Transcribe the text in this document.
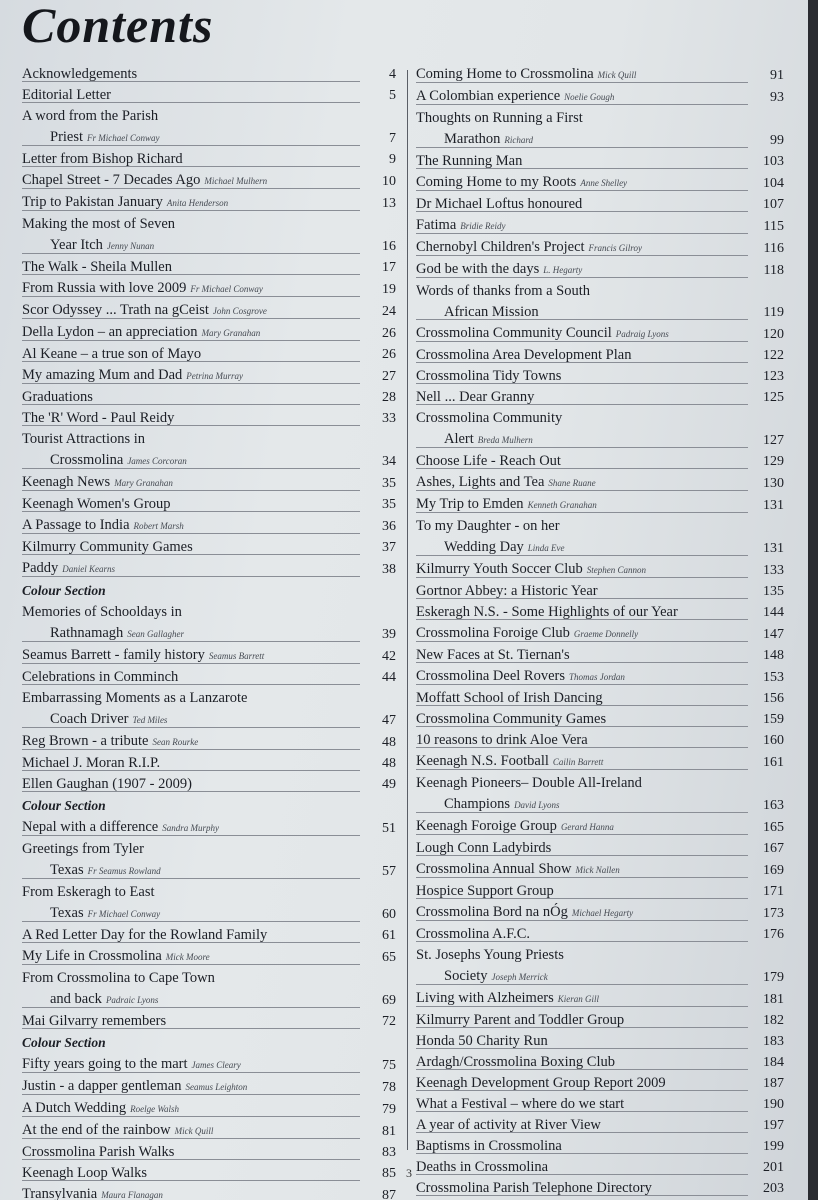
Contents
Acknowledgements	4
Editorial Letter	5
A word from the Parish
Priest Fr Michael Conway	7
Letter from Bishop Richard	9
Chapel Street - 7 Decades Ago Michael Mulhern	10
Trip to Pakistan January Anita Henderson	13
Making the most of Seven
Year Itch Jenny Nunan	16
The Walk - Sheila Mullen	17
From Russia with love 2009 Fr Michael Conway	19
Scor Odyssey ... Trath na gCeist John Cosgrove	24
Della Lydon – an appreciation Mary Granahan	26
Al Keane – a true son of Mayo	26
My amazing Mum and Dad Petrina Murray	27
Graduations	28
The 'R' Word - Paul Reidy	33
Tourist Attractions in
Crossmolina James Corcoran	34
Keenagh News Mary Granahan	35
Keenagh Women's Group	35
A Passage to India Robert Marsh	36
Kilmurry Community Games	37
Paddy Daniel Kearns	38
Colour Section
Memories of Schooldays in
Rathnamagh Sean Gallagher	39
Seamus Barrett - family history Seamus Barrett	42
Celebrations in Comminch	44
Embarrassing Moments as a Lanzarote
Coach Driver Ted Miles	47
Reg Brown - a tribute Sean Rourke	48
Michael J. Moran R.I.P.	48
Ellen Gaughan (1907 - 2009)	49
Colour Section
Nepal with a difference Sandra Murphy	51
Greetings from Tyler
Texas Fr Seamus Rowland	57
From Eskeragh to East
Texas Fr Michael Conway	60
A Red Letter Day for the Rowland Family	61
My Life in Crossmolina Mick Moore	65
From Crossmolina to Cape Town
and back Padraic Lyons	69
Mai Gilvarry remembers	72
Colour Section
Fifty years going to the mart James Cleary	75
Justin - a dapper gentleman Seamus Leighton	78
A Dutch Wedding Roelge Walsh	79
At the end of the rainbow Mick Quill	81
Crossmolina Parish Walks	83
Keenagh Loop Walks	85
Transylvania Maura Flanagan	87
Coming Home to Crossmolina Mick Quill	91
A Colombian experience Noelie Gough	93
Thoughts on Running a First
Marathon Richard	99
The Running Man	103
Coming Home to my Roots Anne Shelley	104
Dr Michael Loftus honoured	107
Fatima Bridie Reidy	115
Chernobyl Children's Project Francis Gilroy	116
God be with the days L. Hegarty	118
Words of thanks from a South
African Mission	119
Crossmolina Community Council Padraig Lyons	120
Crossmolina Area Development Plan	122
Crossmolina Tidy Towns	123
Nell ... Dear Granny	125
Crossmolina Community
Alert Breda Mulhern	127
Choose Life - Reach Out	129
Ashes, Lights and Tea Shane Ruane	130
My Trip to Emden Kenneth Granahan	131
To my Daughter - on her
Wedding Day Linda Eve	131
Kilmurry Youth Soccer Club Stephen Cannon	133
Gortnor Abbey: a Historic Year	135
Eskeragh N.S. - Some Highlights of our Year	144
Crossmolina Foroige Club Graeme Donnelly	147
New Faces at St. Tiernan's	148
Crossmolina Deel Rovers Thomas Jordan	153
Moffatt School of Irish Dancing	156
Crossmolina Community Games	159
10 reasons to drink Aloe Vera	160
Keenagh N.S. Football Cailin Barrett	161
Keenagh Pioneers– Double All-Ireland
Champions David Lyons	163
Keenagh Foroige Group Gerard Hanna	165
Lough Conn Ladybirds	167
Crossmolina Annual Show Mick Nallen	169
Hospice Support Group	171
Crossmolina Bord na nÓg Michael Hegarty	173
Crossmolina A.F.C.	176
St. Josephs Young Priests
Society Joseph Merrick	179
Living with Alzheimers Kieran Gill	181
Kilmurry Parent and Toddler Group	182
Honda 50 Charity Run	183
Ardagh/Crossmolina Boxing Club	184
Keenagh Development Group Report 2009	187
What a Festival – where do we start	190
A year of activity at River View	197
Baptisms in Crossmolina	199
Deaths in Crossmolina	201
Crossmolina Parish Telephone Directory	203
3
